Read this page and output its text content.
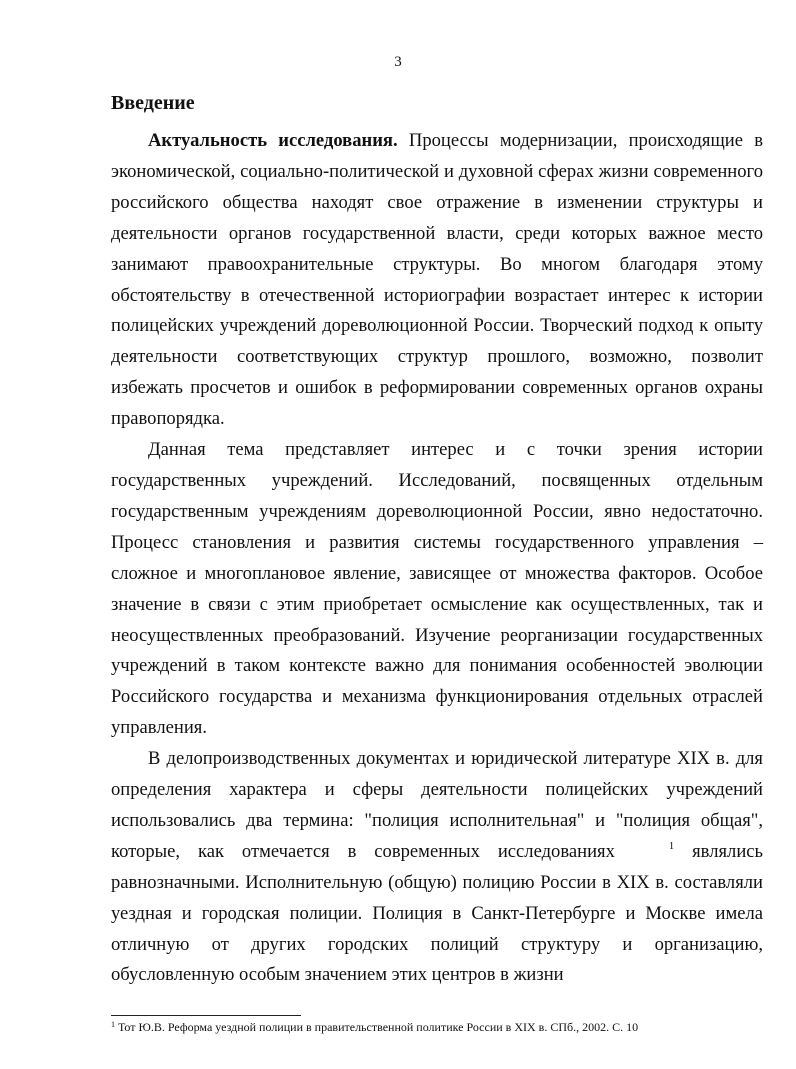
3
Введение

Актуальность исследования. Процессы модернизации, происходящие в экономической, социально-политической и духовной сферах жизни современного российского общества находят свое отражение в изменении структуры и деятельности органов государственной власти, среди которых важное место занимают правоохранительные структуры. Во многом благодаря этому обстоятельству в отечественной историографии возрастает интерес к истории полицейских учреждений дореволюционной России. Творческий подход к опыту деятельности соответствующих структур прошлого, возможно, позволит избежать просчетов и ошибок в реформировании современных органов охраны правопорядка.

Данная тема представляет интерес и с точки зрения истории государственных учреждений. Исследований, посвященных отдельным государственным учреждениям дореволюционной России, явно недостаточно. Процесс становления и развития системы государственного управления – сложное и многоплановое явление, зависящее от множества факторов. Особое значение в связи с этим приобретает осмысление как осуществленных, так и неосуществленных преобразований. Изучение реорганизации государственных учреждений в таком контексте важно для понимания особенностей эволюции Российского государства и механизма функционирования отдельных отраслей управления.

В делопроизводственных документах и юридической литературе XIX в. для определения характера и сферы деятельности полицейских учреждений использовались два термина: "полиция исполнительная" и "полиция общая", которые, как отмечается в современных исследованиях	$^1$ являлись равнозначными. Исполнительную (общую) полицию России в XIX в. составляли уездная и городская полиции. Полиция в Санкт-Петербурге и Москве имела отличную от других городских полиций структуру и организацию, обусловленную особым значением этих центров в жизни

$^1$ Тот Ю.В. Реформа уездной полиции в правительственной политике России в XIX в. СПб., 2002. С. 10
